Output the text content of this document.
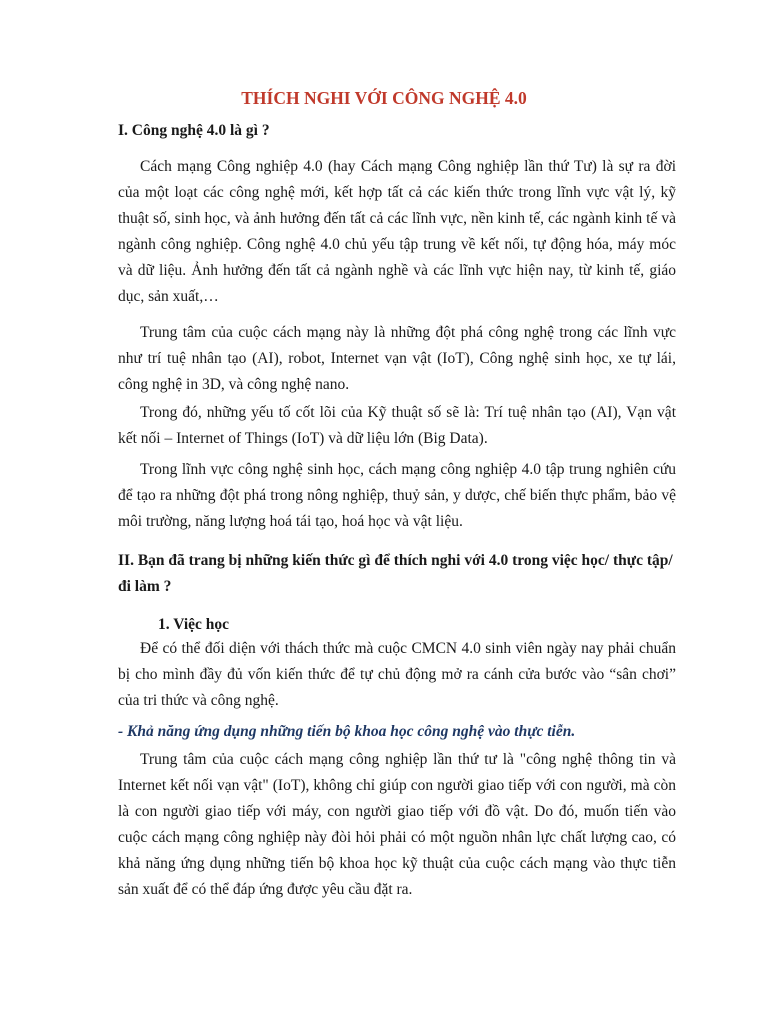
THÍCH NGHI VỚI CÔNG NGHỆ 4.0
I. Công nghệ 4.0 là gì ?
Cách mạng Công nghiệp 4.0 (hay Cách mạng Công nghiệp lần thứ Tư) là sự ra đời của một loạt các công nghệ mới, kết hợp tất cả các kiến thức trong lĩnh vực vật lý, kỹ thuật số, sinh học, và ảnh hưởng đến tất cả các lĩnh vực, nền kinh tế, các ngành kinh tế và ngành công nghiệp. Công nghệ 4.0 chủ yếu tập trung về kết nối, tự động hóa, máy móc và dữ liệu. Ảnh hưởng đến tất cả ngành nghề và các lĩnh vực hiện nay, từ kinh tế, giáo dục, sản xuất,…
Trung tâm của cuộc cách mạng này là những đột phá công nghệ trong các lĩnh vực như trí tuệ nhân tạo (AI), robot, Internet vạn vật (IoT), Công nghệ sinh học, xe tự lái, công nghệ in 3D, và công nghệ nano.
Trong đó, những yếu tố cốt lõi của Kỹ thuật số sẽ là: Trí tuệ nhân tạo (AI), Vạn vật kết nối – Internet of Things (IoT) và dữ liệu lớn (Big Data).
Trong lĩnh vực công nghệ sinh học, cách mạng công nghiệp 4.0 tập trung nghiên cứu để tạo ra những đột phá trong nông nghiệp, thuỷ sản, y dược, chế biến thực phẩm, bảo vệ môi trường, năng lượng hoá tái tạo, hoá học và vật liệu.
II. Bạn đã trang bị những kiến thức gì để thích nghi với 4.0 trong việc học/ thực tập/ đi làm ?
1. Việc học
Để có thể đối diện với thách thức mà cuộc CMCN 4.0 sinh viên ngày nay phải chuẩn bị cho mình đầy đủ vốn kiến thức để tự chủ động mở ra cánh cửa bước vào “sân chơi” của tri thức và công nghệ.
- Khả năng ứng dụng những tiến bộ khoa học công nghệ vào thực tiễn.
Trung tâm của cuộc cách mạng công nghiệp lần thứ tư là "công nghệ thông tin và Internet kết nối vạn vật" (IoT), không chỉ giúp con người giao tiếp với con người, mà còn là con người giao tiếp với máy, con người giao tiếp với đồ vật. Do đó, muốn tiến vào cuộc cách mạng công nghiệp này đòi hỏi phải có một nguồn nhân lực chất lượng cao, có khả năng ứng dụng những tiến bộ khoa học kỹ thuật của cuộc cách mạng vào thực tiễn sản xuất để có thể đáp ứng được yêu cầu đặt ra.
